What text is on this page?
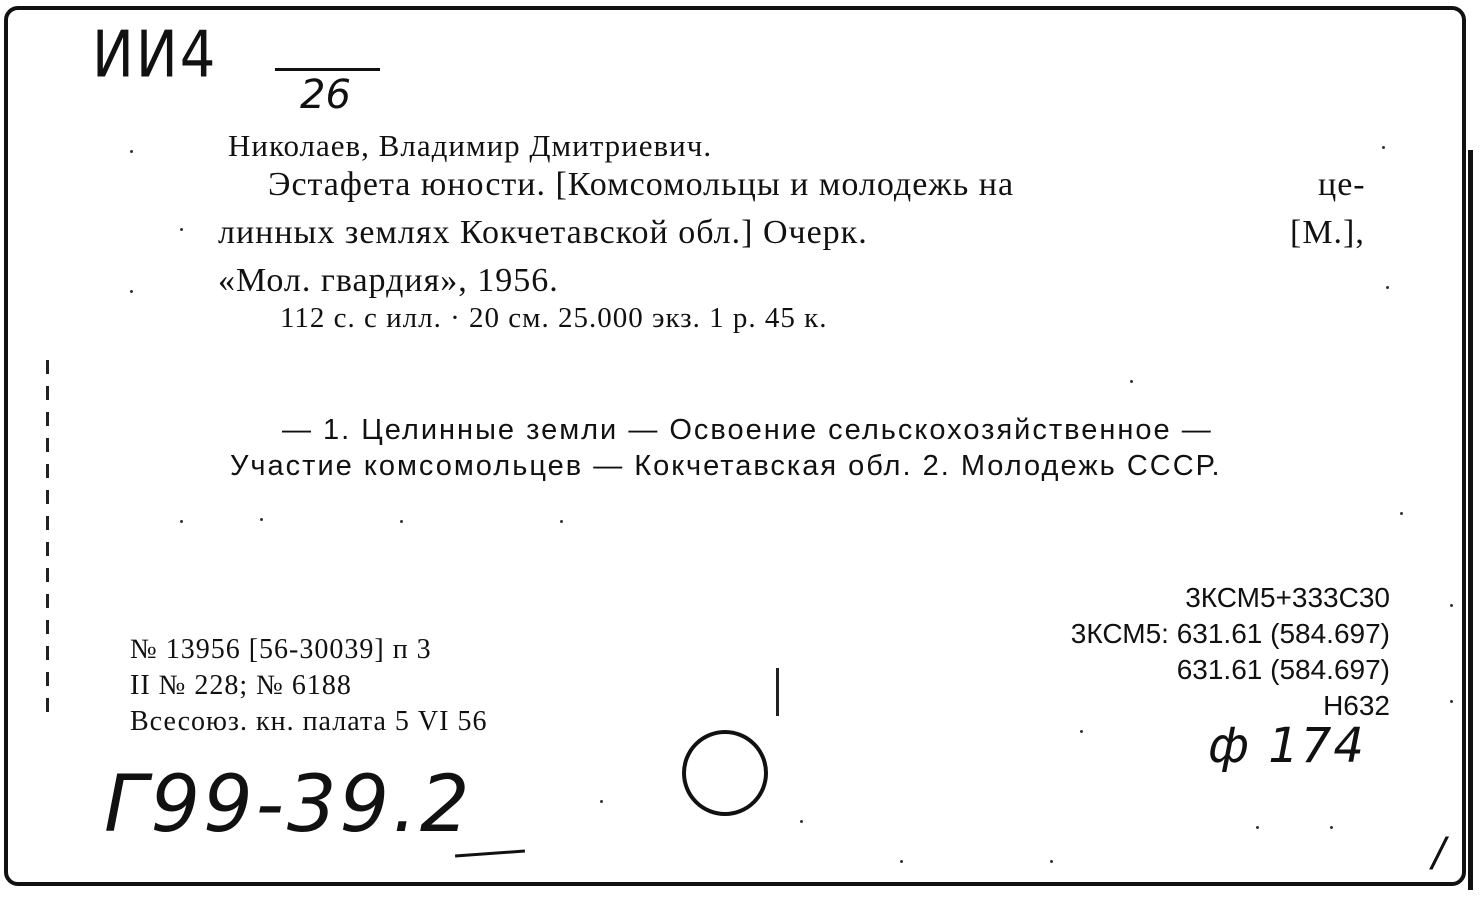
ИИ4
26
Николаев, Владимир Дмитриевич.
Эстафета юности. [Комсомольцы и молодежь на	це-
линных землях Кокчетавской обл.] Очерк.	[М.],
«Мол. гвардия», 1956.
112 с. с илл. · 20 см. 25.000 экз. 1 р. 45 к.
— 1. Целинные земли — Освоение сельскохозяйственное —
Участие комсомольцев — Кокчетавская обл. 2. Молодежь СССР.
№ 13956 [56-30039] п 3
II № 228; № 6188
Всесоюз. кн. палата 5 VI 56
3КСМ5+333С30
3КСМ5: 631.61 (584.697)
631.61 (584.697)
Н632
Г99-39.2
ф 174
/
